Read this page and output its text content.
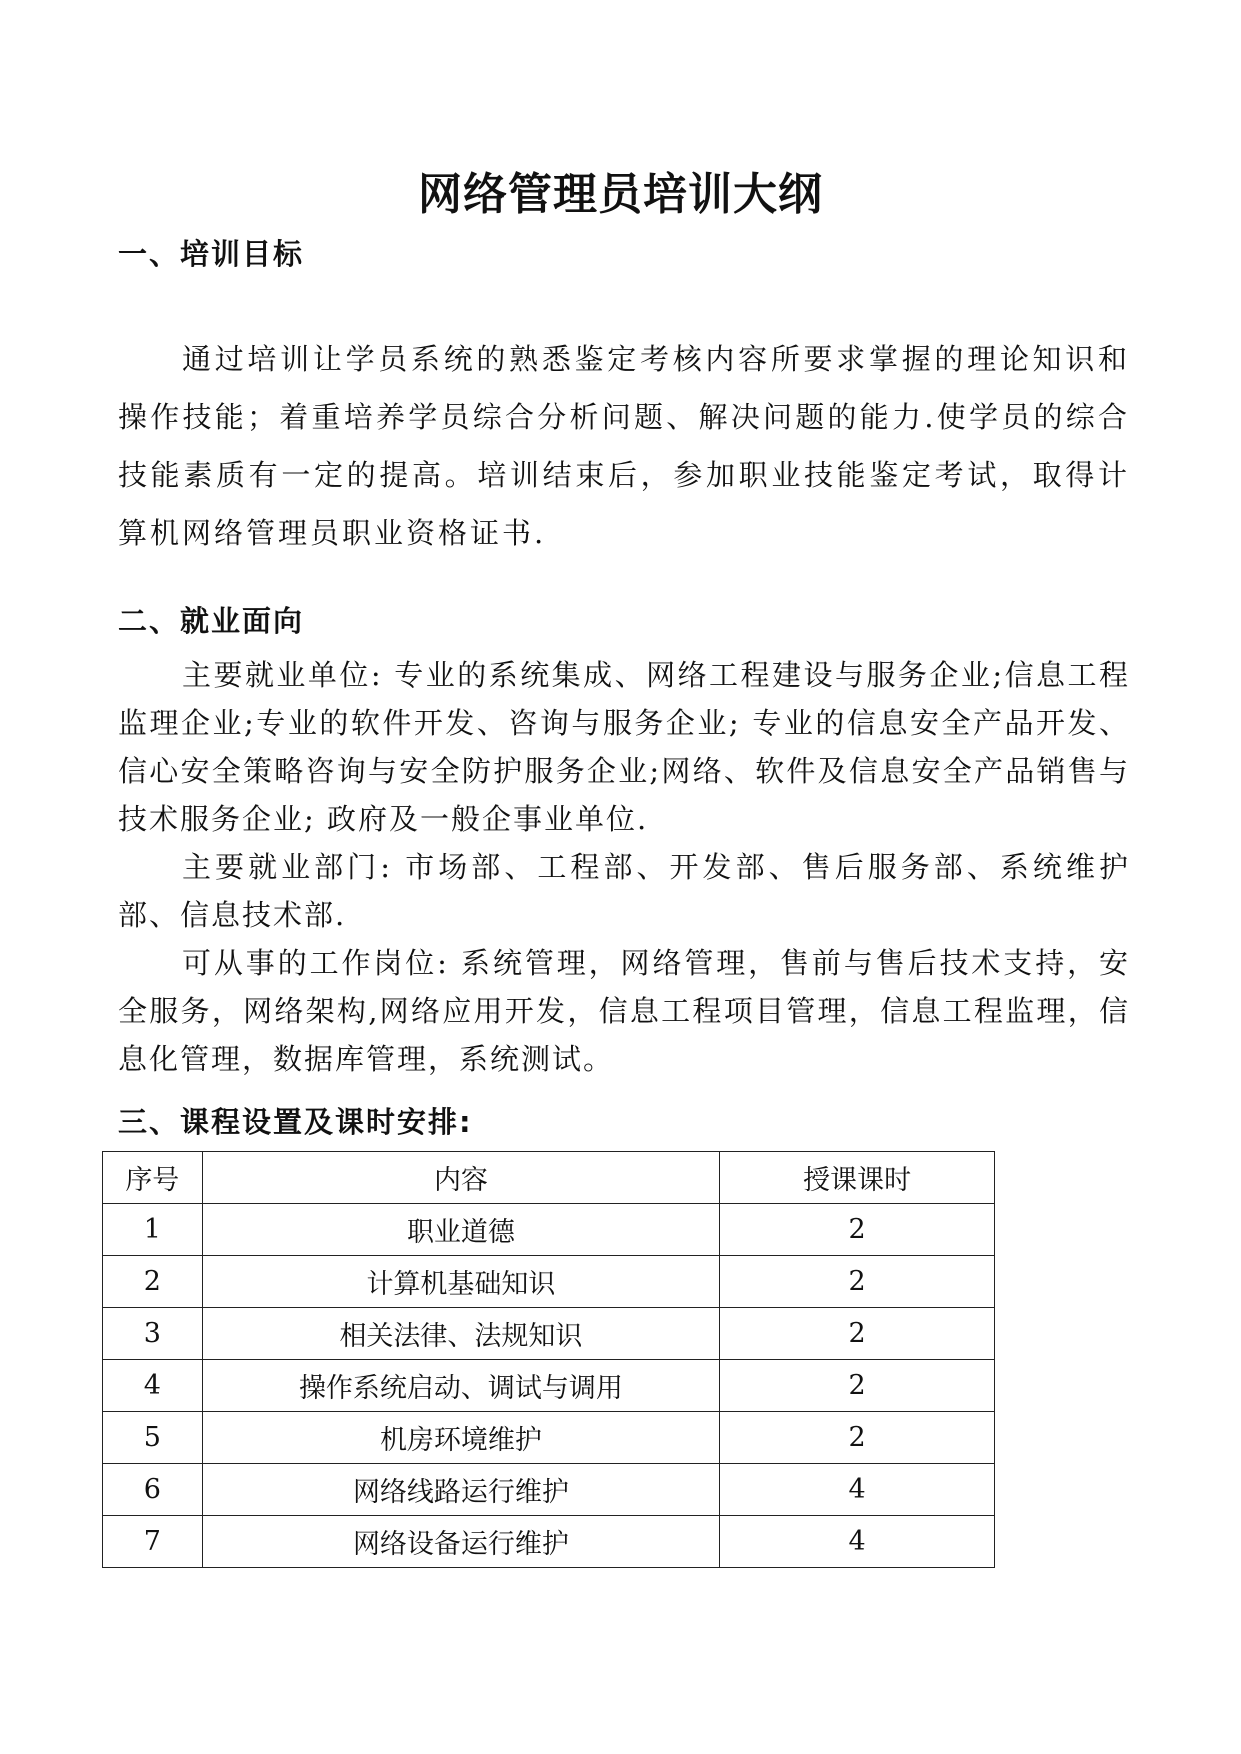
网络管理员培训大纲
一、培训目标
通过培训让学员系统的熟悉鉴定考核内容所要求掌握的理论知识和操作技能；着重培养学员综合分析问题、解决问题的能力.使学员的综合技能素质有一定的提高。培训结束后，参加职业技能鉴定考试，取得计算机网络管理员职业资格证书.
二、就业面向
主要就业单位: 专业的系统集成、网络工程建设与服务企业;信息工程监理企业;专业的软件开发、咨询与服务企业; 专业的信息安全产品开发、信心安全策略咨询与安全防护服务企业;网络、软件及信息安全产品销售与技术服务企业; 政府及一般企事业单位.
主要就业部门: 市场部、工程部、开发部、售后服务部、系统维护部、信息技术部.
可从事的工作岗位: 系统管理，网络管理，售前与售后技术支持，安全服务，网络架构,网络应用开发，信息工程项目管理，信息工程监理，信息化管理，数据库管理，系统测试。
三、课程设置及课时安排:
序号	内容	授课课时
1	职业道德	2
2	计算机基础知识	2
3	相关法律、法规知识	2
4	操作系统启动、调试与调用	2
5	机房环境维护	2
6	网络线路运行维护	4
7	网络设备运行维护	4
